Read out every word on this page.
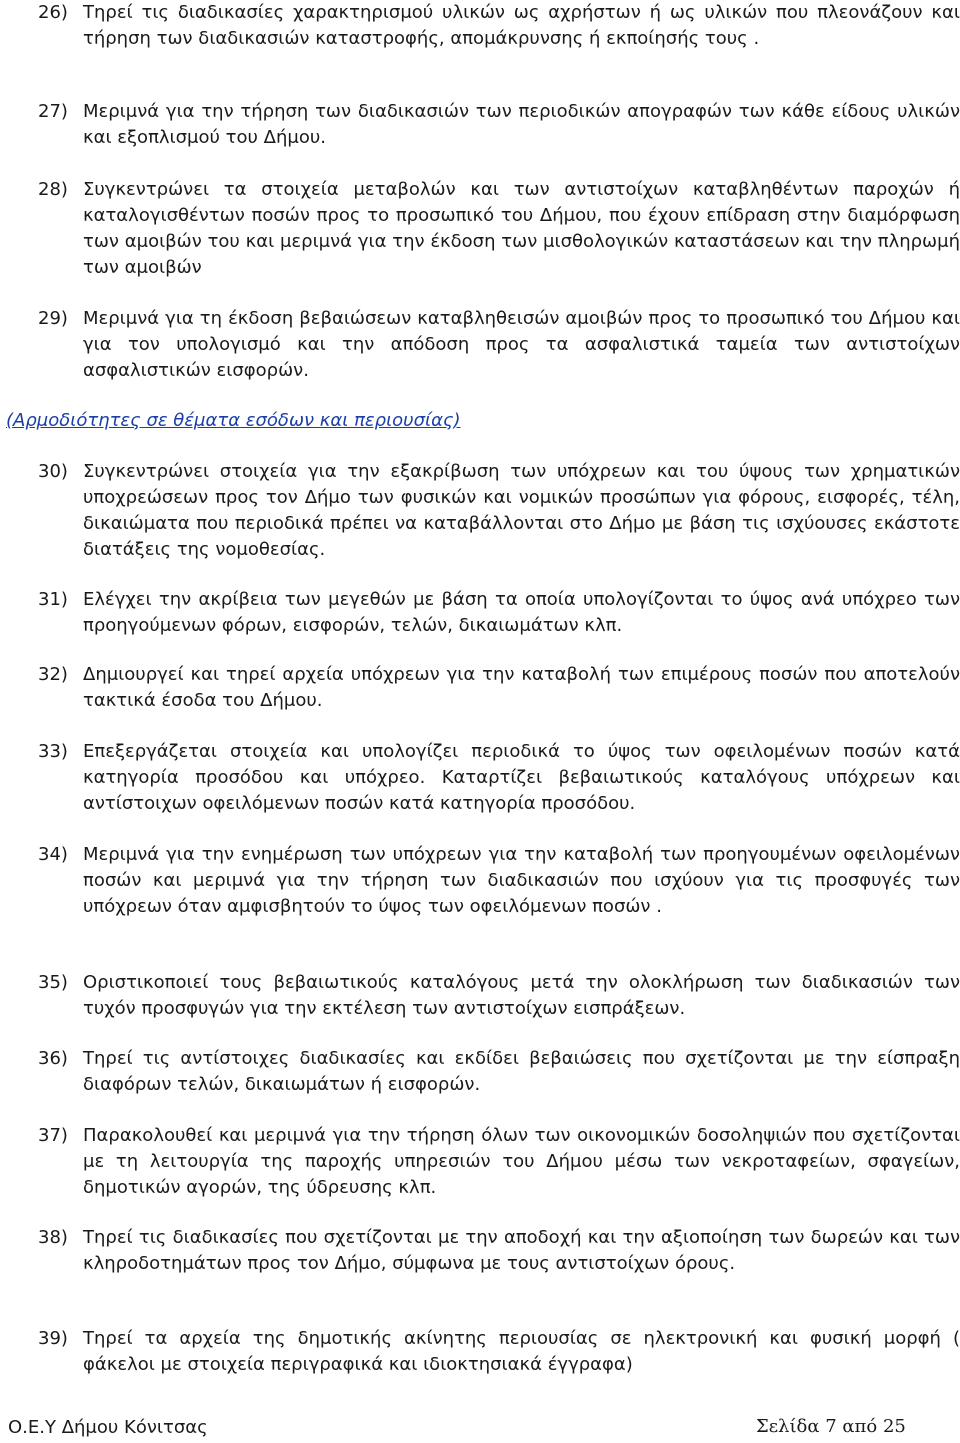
26) Τηρεί τις διαδικασίες χαρακτηρισμού υλικών ως αχρήστων ή ως υλικών που πλεονάζουν και τήρηση των διαδικασιών καταστροφής, απομάκρυνσης ή εκποίησής τους .
27) Μεριμνά για την τήρηση των διαδικασιών των περιοδικών απογραφών των κάθε είδους υλικών και εξοπλισμού του Δήμου.
28) Συγκεντρώνει τα στοιχεία μεταβολών και των αντιστοίχων καταβληθέντων παροχών ή καταλογισθέντων ποσών προς το προσωπικό του Δήμου, που έχουν επίδραση στην διαμόρφωση των αμοιβών του και μεριμνά για την έκδοση των μισθολογικών καταστάσεων και την πληρωμή των αμοιβών
29) Μεριμνά για τη έκδοση βεβαιώσεων καταβληθεισών αμοιβών προς το προσωπικό του Δήμου και για τον υπολογισμό και την απόδοση προς τα ασφαλιστικά ταμεία των αντιστοίχων ασφαλιστικών εισφορών.
(Αρμοδιότητες σε θέματα εσόδων και περιουσίας)
30) Συγκεντρώνει στοιχεία για την εξακρίβωση των υπόχρεων και του ύψους των χρηματικών υποχρεώσεων προς τον Δήμο των φυσικών και νομικών προσώπων για φόρους, εισφορές, τέλη, δικαιώματα που περιοδικά πρέπει να καταβάλλονται στο Δήμο με βάση τις ισχύουσες εκάστοτε διατάξεις της νομοθεσίας.
31) Ελέγχει την ακρίβεια των μεγεθών με βάση τα οποία υπολογίζονται το ύψος ανά υπόχρεο των προηγούμενων φόρων, εισφορών, τελών, δικαιωμάτων κλπ.
32) Δημιουργεί και τηρεί αρχεία υπόχρεων για την καταβολή των επιμέρους ποσών που αποτελούν τακτικά έσοδα του Δήμου.
33) Επεξεργάζεται στοιχεία και υπολογίζει περιοδικά το ύψος των οφειλομένων ποσών κατά κατηγορία προσόδου και υπόχρεο. Καταρτίζει βεβαιωτικούς καταλόγους υπόχρεων και αντίστοιχων οφειλόμενων ποσών κατά κατηγορία προσόδου.
34) Μεριμνά για την ενημέρωση των υπόχρεων για την καταβολή των προηγουμένων οφειλομένων ποσών και μεριμνά για την τήρηση των διαδικασιών που ισχύουν για τις προσφυγές των υπόχρεων όταν αμφισβητούν το ύψος των οφειλόμενων ποσών .
35) Οριστικοποιεί τους βεβαιωτικούς καταλόγους μετά την ολοκλήρωση των διαδικασιών των τυχόν προσφυγών για την εκτέλεση των αντιστοίχων εισπράξεων.
36) Τηρεί τις αντίστοιχες διαδικασίες και εκδίδει βεβαιώσεις που σχετίζονται με την είσπραξη διαφόρων τελών, δικαιωμάτων ή εισφορών.
37) Παρακολουθεί και μεριμνά για την τήρηση όλων των οικονομικών δοσοληψιών που σχετίζονται με τη λειτουργία της παροχής υπηρεσιών του Δήμου μέσω των νεκροταφείων, σφαγείων, δημοτικών αγορών, της ύδρευσης κλπ.
38) Τηρεί τις διαδικασίες που σχετίζονται με την αποδοχή και την αξιοποίηση των δωρεών και των κληροδοτημάτων προς τον Δήμο, σύμφωνα με τους αντιστοίχων όρους.
39) Τηρεί τα αρχεία της δημοτικής ακίνητης περιουσίας σε ηλεκτρονική και φυσική μορφή ( φάκελοι με στοιχεία περιγραφικά και ιδιοκτησιακά έγγραφα)
Ο.Ε.Υ Δήμου Κόνιτσας	Σελίδα 7 από 25
